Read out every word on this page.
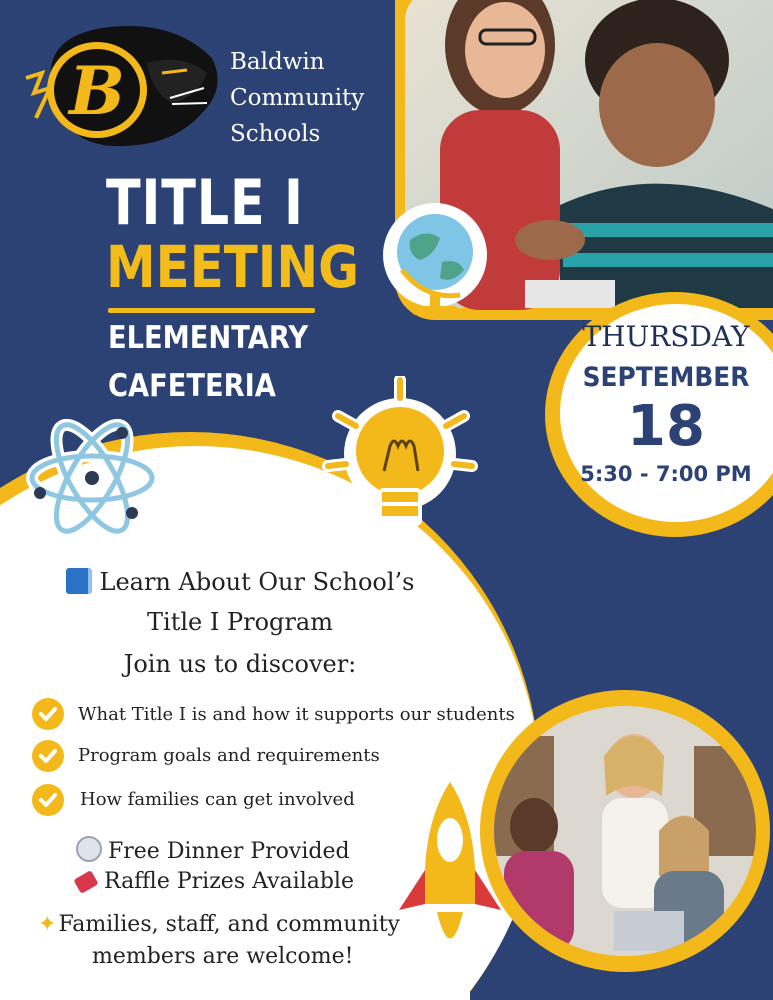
B	Baldwin
Community
Schools
TITLE I
MEETING
ELEMENTARY
CAFETERIA
THURSDAY
SEPTEMBER
18
5:30 - 7:00 PM
Learn About Our School’s
Title I Program
Join us to discover:
What Title I is and how it supports our students
Program goals and requirements
How families can get involved
Free Dinner Provided
Raffle Prizes Available
✦Families, staff, and community
members are welcome!
